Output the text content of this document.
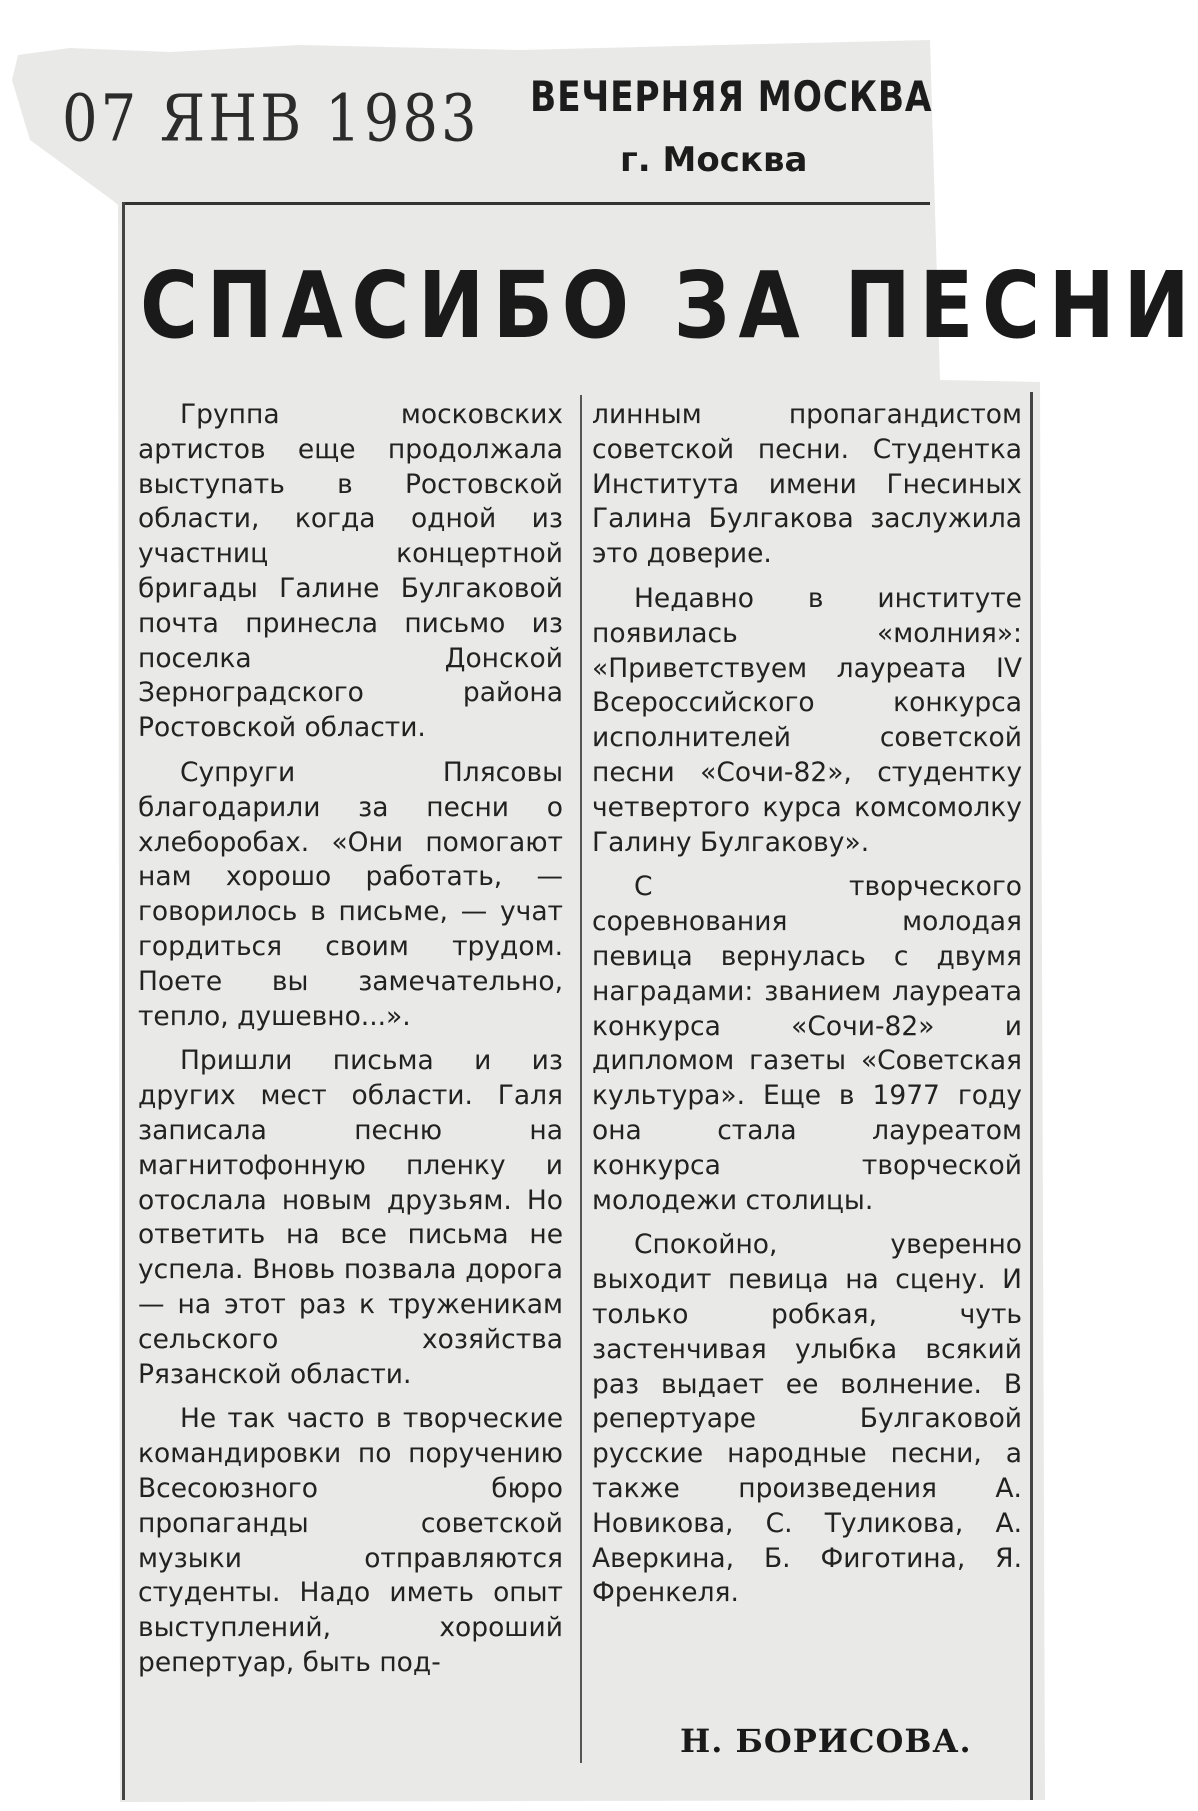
07 ЯНВ 1983 ВЕЧЕРНЯЯ МОСКВА
г. Москва
СПАСИБО ЗА ПЕСНИ

Группа московских артистов еще продолжала выступать в Ростовской области, когда одной из участниц концертной бригады Галине Булгаковой почта принесла письмо из поселка Донской Зерноградского района Ростовской области.

Супруги Плясовы благодарили за песни о хлеборобах. «Они помогают нам хорошо работать, — говорилось в письме, — учат гордиться своим трудом. Поете вы замечательно, тепло, душевно...».

Пришли письма и из других мест области. Галя записала песню на магнитофонную пленку и отослала новым друзьям. Но ответить на все письма не успела. Вновь позвала дорога — на этот раз к труженикам сельского хозяйства Рязанской области.

Не так часто в творческие командировки по поручению Всесоюзного бюро пропаганды советской музыки отправляются студенты. Надо иметь опыт выступлений, хороший репертуар, быть под-

линным пропагандистом советской песни. Студентка Института имени Гнесиных Галина Булгакова заслужила это доверие.

Недавно в институте появилась «молния»: «Приветствуем лауреата IV Всероссийского конкурса исполнителей советской песни «Сочи-82», студентку четвертого курса комсомолку Галину Булгакову».

С творческого соревнования молодая певица вернулась с двумя наградами: званием лауреата конкурса «Сочи-82» и дипломом газеты «Советская культура». Еще в 1977 году она стала лауреатом конкурса творческой молодежи столицы.

Спокойно, уверенно выходит певица на сцену. И только робкая, чуть застенчивая улыбка всякий раз выдает ее волнение. В репертуаре Булгаковой русские народные песни, а также произведения А. Новикова, С. Туликова, А. Аверкина, Б. Фиготина, Я. Френкеля.

Н. БОРИСОВА.
